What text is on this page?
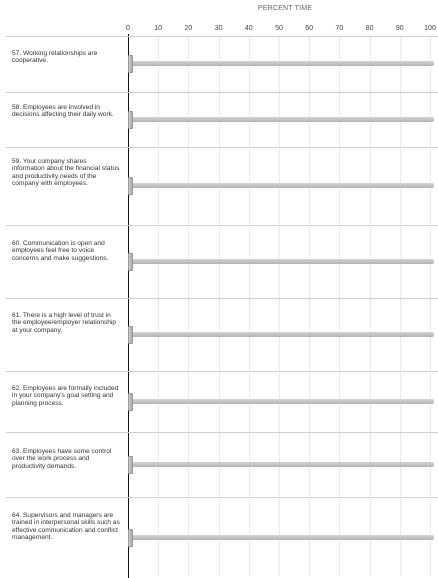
PERCENT TIME
0	10	20	30	40	50	60	70	80	90	100
57. Working relationships are cooperative.
58. Employees are involved in decisions affecting their daily work.
59. Your company shares information about the financial status and productivity needs of the company with employees.
60. Communication is open and employees feel free to voice concerns and make suggestions.
61. There is a high level of trust in the employee/employer relationship at your company.
62. Employees are formally included in your company's goal setting and planning process.
63. Employees have some control over the work process and productivity demands.
64. Supervisors and managers are trained in interpersonal skills such as effective communication and conflict management.
